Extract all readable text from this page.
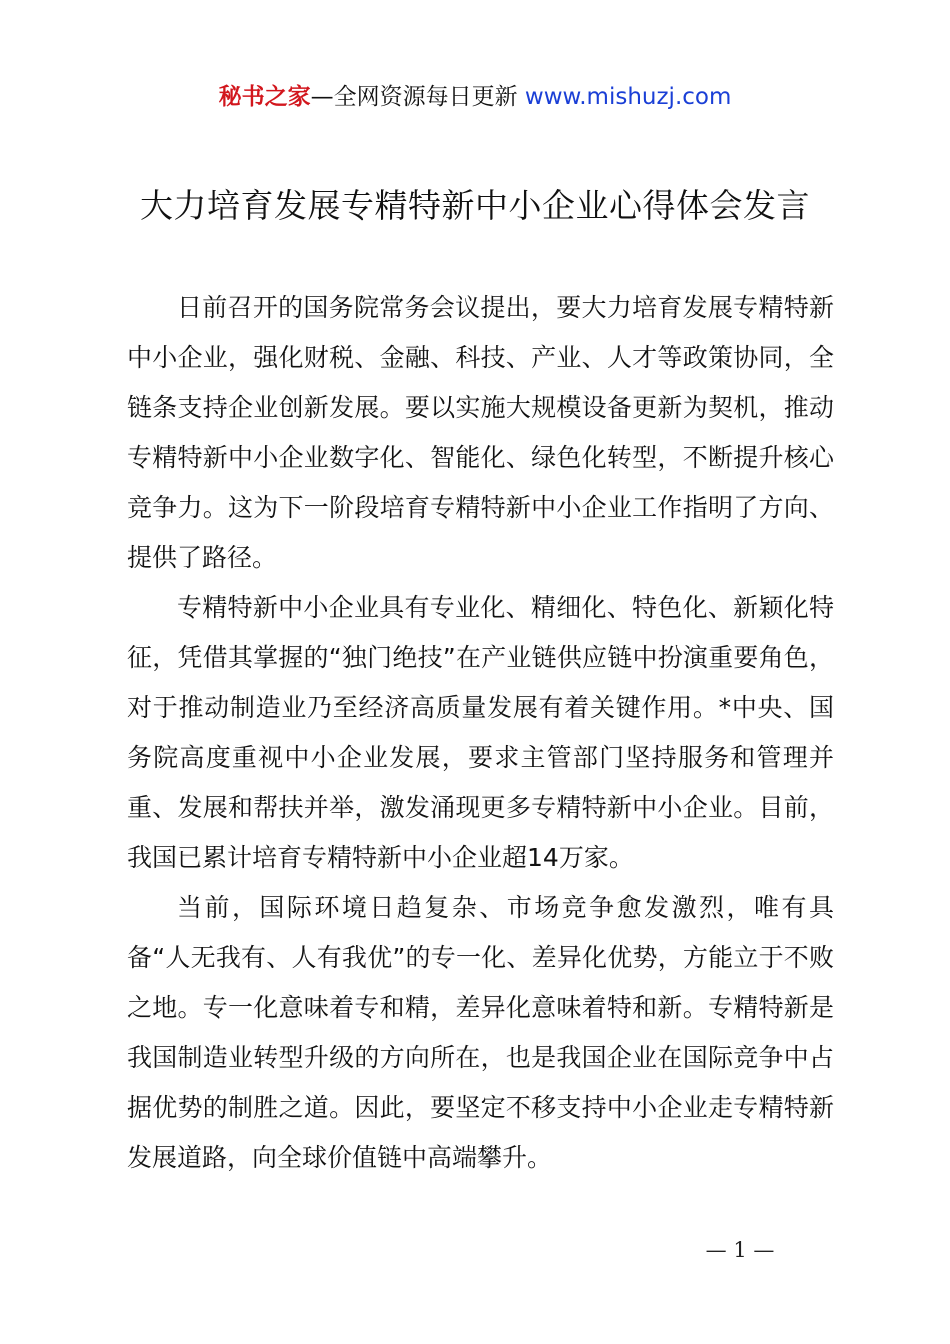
秘书之家—全网资源每日更新 www.mishuzj.com
大力培育发展专精特新中小企业心得体会发言

日前召开的国务院常务会议提出，要大力培育发展专精特新中小企业，强化财税、金融、科技、产业、人才等政策协同，全链条支持企业创新发展。要以实施大规模设备更新为契机，推动专精特新中小企业数字化、智能化、绿色化转型，不断提升核心竞争力。这为下一阶段培育专精特新中小企业工作指明了方向、提供了路径。

专精特新中小企业具有专业化、精细化、特色化、新颖化特征，凭借其掌握的“独门绝技”在产业链供应链中扮演重要角色，对于推动制造业乃至经济高质量发展有着关键作用。*中央、国务院高度重视中小企业发展，要求主管部门坚持服务和管理并重、发展和帮扶并举，激发涌现更多专精特新中小企业。目前，我国已累计培育专精特新中小企业超14万家。

当前，国际环境日趋复杂、市场竞争愈发激烈，唯有具备“人无我有、人有我优”的专一化、差异化优势，方能立于不败之地。专一化意味着专和精，差异化意味着特和新。专精特新是我国制造业转型升级的方向所在，也是我国企业在国际竞争中占据优势的制胜之道。因此，要坚定不移支持中小企业走专精特新发展道路，向全球价值链中高端攀升。

— 1 —
